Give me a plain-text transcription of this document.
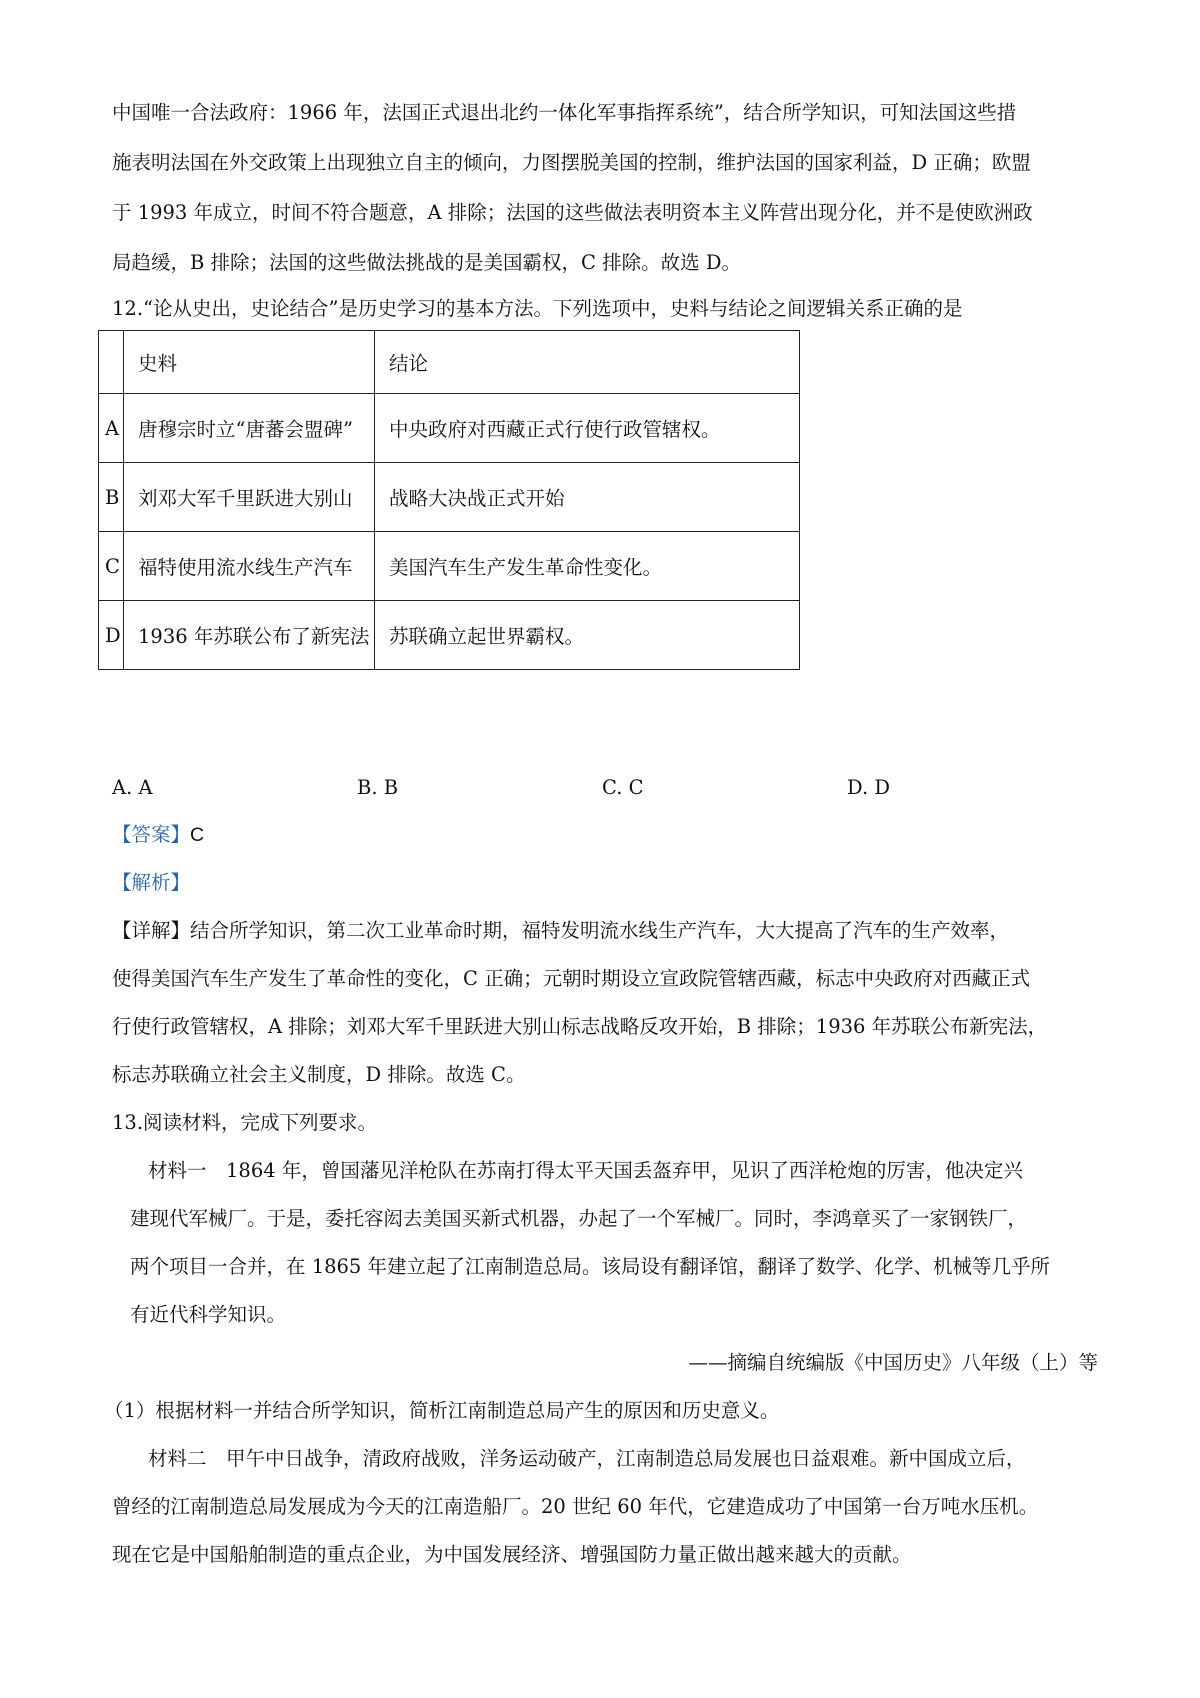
中国唯一合法政府：1966 年，法国正式退出北约一体化军事指挥系统”，结合所学知识，可知法国这些措
施表明法国在外交政策上出现独立自主的倾向，力图摆脱美国的控制，维护法国的国家利益，D 正确；欧盟
于 1993 年成立，时间不符合题意，A 排除；法国的这些做法表明资本主义阵营出现分化，并不是使欧洲政
局趋缓，B 排除；法国的这些做法挑战的是美国霸权，C 排除。故选 D。
12.“论从史出，史论结合”是历史学习的基本方法。下列选项中，史料与结论之间逻辑关系正确的是
	史料	结论
A	唐穆宗时立“唐蕃会盟碑”	中央政府对西藏正式行使行政管辖权。
B	刘邓大军千里跃进大别山	战略大决战正式开始
C	福特使用流水线生产汽车	美国汽车生产发生革命性变化。
D	1936 年苏联公布了新宪法	苏联确立起世界霸权。
A. A	B. B	C. C	D. D
【答案】C
【解析】
【详解】结合所学知识，第二次工业革命时期，福特发明流水线生产汽车，大大提高了汽车的生产效率，
使得美国汽车生产发生了革命性的变化，C 正确；元朝时期设立宣政院管辖西藏，标志中央政府对西藏正式
行使行政管辖权，A 排除；刘邓大军千里跃进大别山标志战略反攻开始，B 排除；1936 年苏联公布新宪法，
标志苏联确立社会主义制度，D 排除。故选 C。
13.阅读材料，完成下列要求。
材料一　1864 年，曾国藩见洋枪队在苏南打得太平天国丢盔弃甲，见识了西洋枪炮的厉害，他决定兴
建现代军械厂。于是，委托容闳去美国买新式机器，办起了一个军械厂。同时，李鸿章买了一家钢铁厂，
两个项目一合并，在 1865 年建立起了江南制造总局。该局设有翻译馆，翻译了数学、化学、机械等几乎所
有近代科学知识。
——摘编自统编版《中国历史》八年级（上）等
（1）根据材料一并结合所学知识，简析江南制造总局产生的原因和历史意义。
材料二　甲午中日战争，清政府战败，洋务运动破产，江南制造总局发展也日益艰难。新中国成立后，
曾经的江南制造总局发展成为今天的江南造船厂。20 世纪 60 年代，它建造成功了中国第一台万吨水压机。
现在它是中国船舶制造的重点企业，为中国发展经济、增强国防力量正做出越来越大的贡献。
